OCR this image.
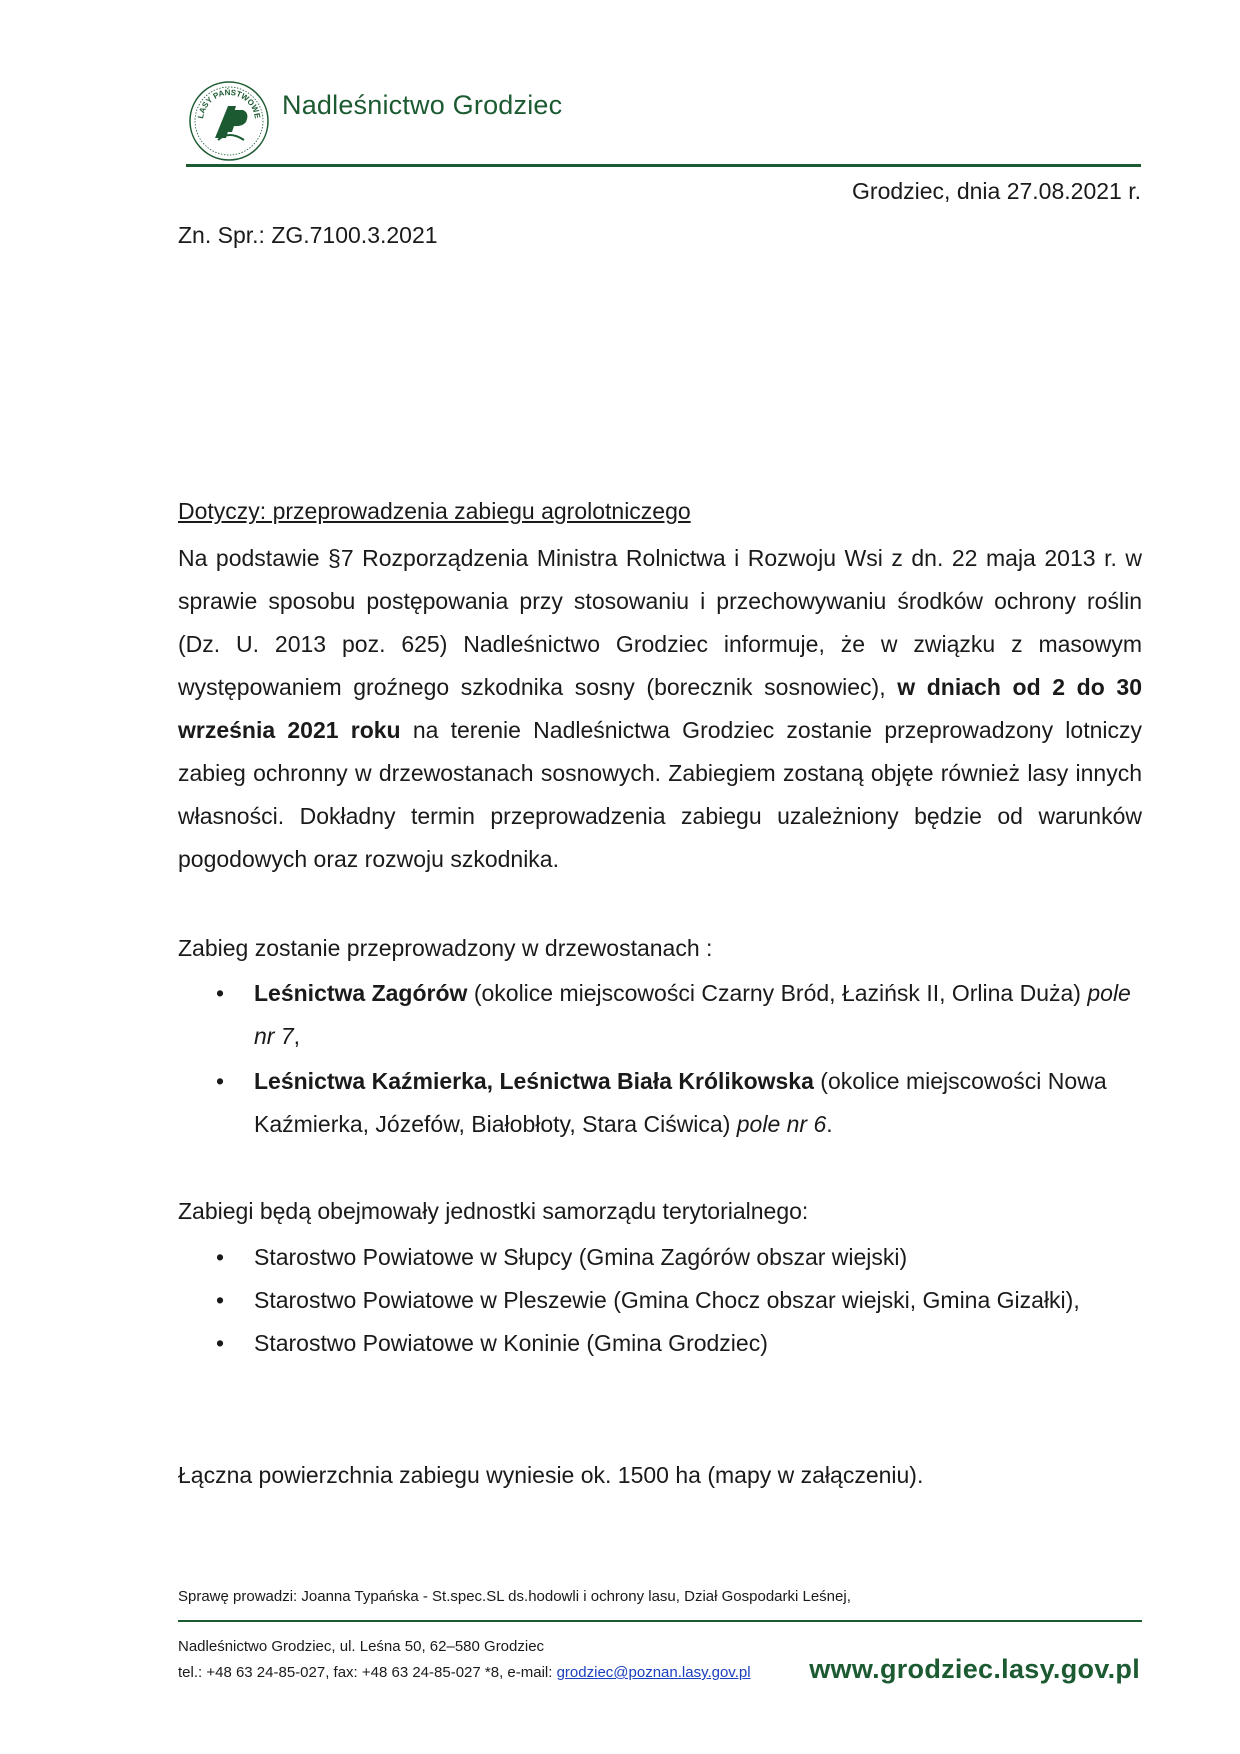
LASY PAŃSTWOWE Nadleśnictwo Grodziec
Grodziec, dnia 27.08.2021 r.
Zn. Spr.: ZG.7100.3.2021
Dotyczy: przeprowadzenia zabiegu agrolotniczego
Na podstawie §7 Rozporządzenia Ministra Rolnictwa i Rozwoju Wsi z dn. 22 maja 2013 r. w sprawie sposobu postępowania przy stosowaniu i przechowywaniu środków ochrony roślin (Dz. U. 2013 poz. 625) Nadleśnictwo Grodziec informuje, że w związku z masowym występowaniem groźnego szkodnika sosny (borecznik sosnowiec), w dniach od 2 do 30 września 2021 roku na terenie Nadleśnictwa Grodziec zostanie przeprowadzony lotniczy zabieg ochronny w drzewostanach sosnowych. Zabiegiem zostaną objęte również lasy innych własności. Dokładny termin przeprowadzenia zabiegu uzależniony będzie od warunków pogodowych oraz rozwoju szkodnika.
Zabieg zostanie przeprowadzony w drzewostanach :
• Leśnictwa Zagórów (okolice miejscowości Czarny Bród, Łazińsk II, Orlina Duża) pole nr 7,
• Leśnictwa Kaźmierka, Leśnictwa Biała Królikowska (okolice miejscowości Nowa Kaźmierka, Józefów, Białobłoty, Stara Ciświca) pole nr 6.
Zabiegi będą obejmowały jednostki samorządu terytorialnego:
• Starostwo Powiatowe w Słupcy (Gmina Zagórów obszar wiejski)
• Starostwo Powiatowe w Pleszewie (Gmina Chocz obszar wiejski, Gmina Gizałki),
• Starostwo Powiatowe w Koninie (Gmina Grodziec)
Łączna powierzchnia zabiegu wyniesie ok. 1500 ha (mapy w załączeniu).
Sprawę prowadzi: Joanna Typańska - St.spec.SL ds.hodowli i ochrony lasu, Dział Gospodarki Leśnej,
Nadleśnictwo Grodziec, ul. Leśna 50, 62–580 Grodziec
tel.: +48 63 24-85-027, fax: +48 63 24-85-027 *8, e-mail: grodziec@poznan.lasy.gov.pl www.grodziec.lasy.gov.pl
